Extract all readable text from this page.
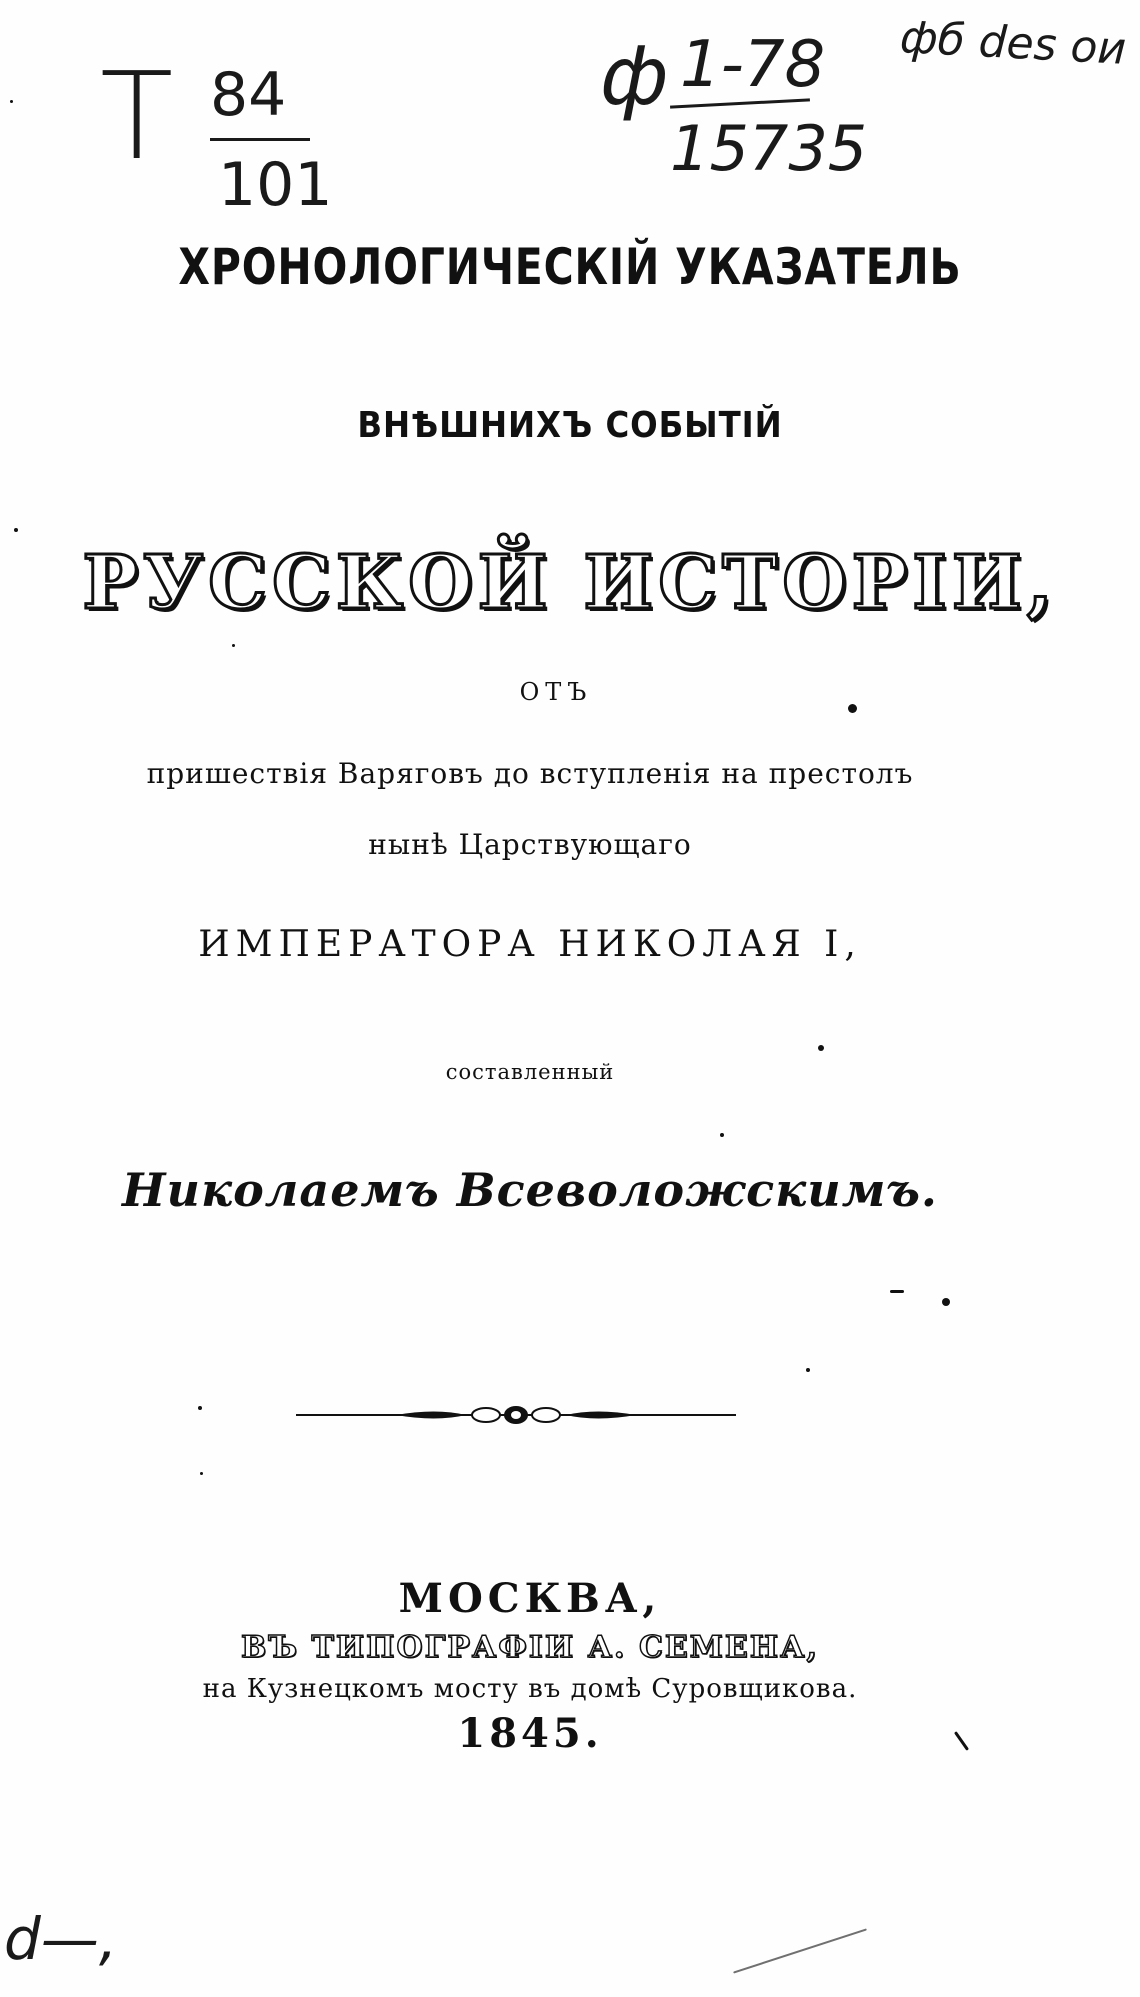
T 84
101
ф 1-78
15735
фб des ои
d—,
ХРОНОЛОГИЧЕСКІЙ УКАЗАТЕЛЬ
ВНѢШНИХЪ СОБЫТІЙ
РУССКОЙ ИСТОРІИ,
ОТЪ
пришествія Варяговъ до вступленія на престолъ
нынѣ Царствующаго
ИМПЕРАТОРА НИКОЛАЯ I,
составленный
Николаемъ Всеволожскимъ.
МОСКВА,
ВЪ ТИПОГРАФІИ А. СЕМЕНА,
на Кузнецкомъ мосту въ домѣ Суровщикова.
1845.
